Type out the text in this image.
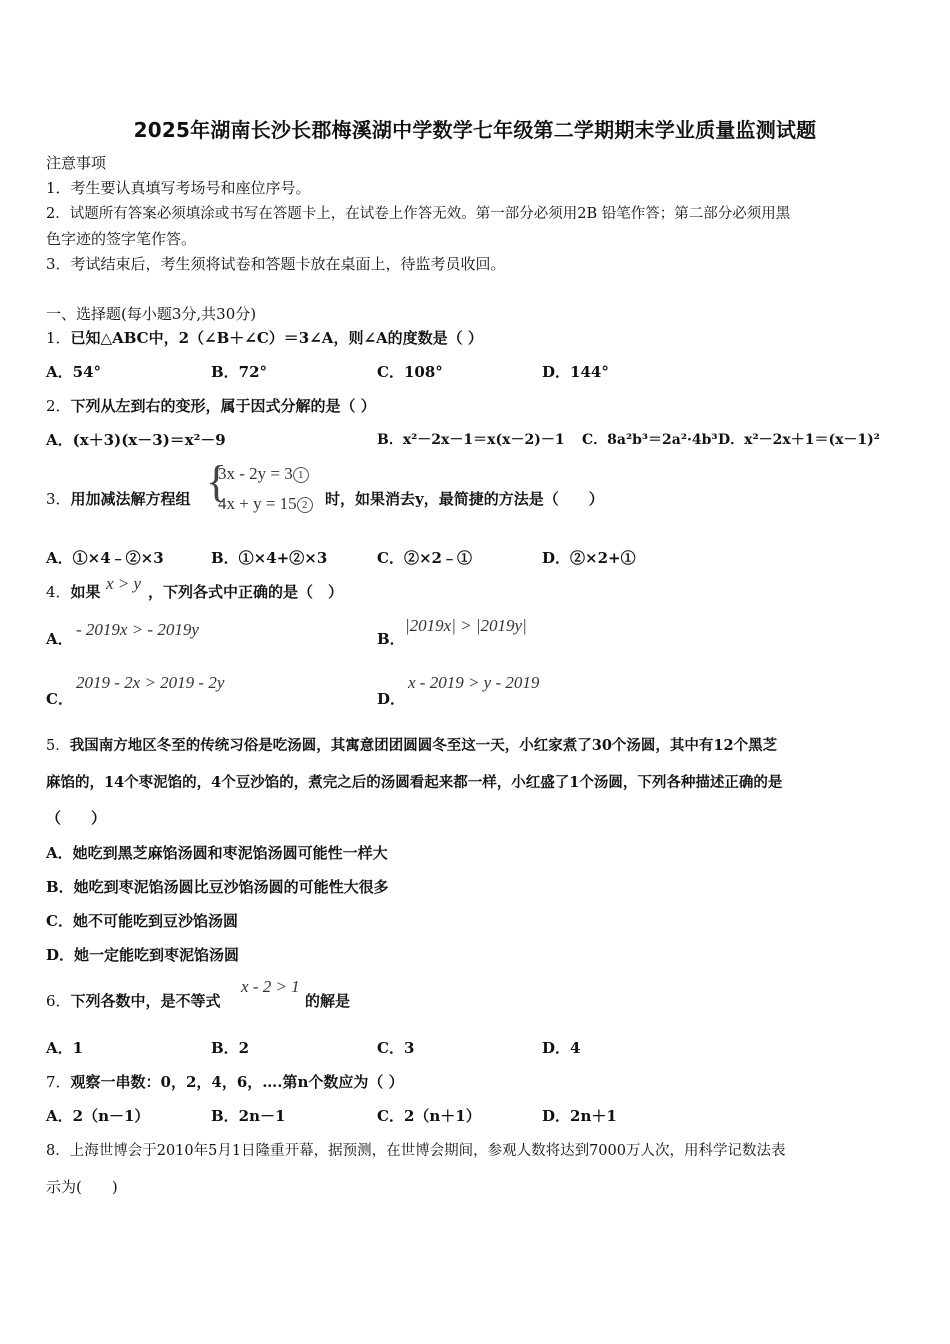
2025年湖南长沙长郡梅溪湖中学数学七年级第二学期期末学业质量监测试题
注意事项
1．考生要认真填写考场号和座位序号。
2．试题所有答案必须填涂或书写在答题卡上，在试卷上作答无效。第一部分必须用2B 铅笔作答；第二部分必须用黑
色字迹的签字笔作答。
3．考试结束后，考生须将试卷和答题卡放在桌面上，待监考员收回。
一、选择题(每小题3分,共30分)
1．已知△ABC中，2（∠B＋∠C）＝3∠A，则∠A的度数是（ ）
A．54°	B．72°	C．108°	D．144°
2．下列从左到右的变形，属于因式分解的是（ ）
A．(x＋3)(x－3)＝x²－9	B．x²－2x－1＝x(x－2)－1 C．8a²b³＝2a²·4b³ D．x²－2x＋1＝(x－1)²
3．用加减法解方程组 {
3x - 2y = 3 1
4x + y = 15 2	时，如果消去y，最简捷的方法是（　　）
A．①×4﹣②×3	B．①×4+②×3	C．②×2﹣①	D．②×2+①
4．如果 x > y ，下列各式中正确的是（　）
A． - 2019x > - 2019y	B．
|2019x| > |2019y|
C．
2019 - 2x > 2019 - 2y
D．
x - 2019 > y - 2019
5．我国南方地区冬至的传统习俗是吃汤圆，其寓意团团圆圆冬至这一天，小红家煮了30个汤圆，其中有12个黑芝
麻馅的，14个枣泥馅的，4个豆沙馅的，煮完之后的汤圆看起来都一样，小红盛了1个汤圆，下列各种描述正确的是
（　　）
A．她吃到黑芝麻馅汤圆和枣泥馅汤圆可能性一样大
B．她吃到枣泥馅汤圆比豆沙馅汤圆的可能性大很多
C．她不可能吃到豆沙馅汤圆
D．她一定能吃到枣泥馅汤圆
6．下列各数中，是不等式
x - 2 > 1
的解是
A．1	B．2	C．3	D．4
7．观察一串数：0，2，4，6，….第n个数应为（ ）
A．2（n－1）	B．2n－1	C．2（n＋1）	D．2n＋1
8．上海世博会于2010年5月1日隆重开幕，据预测，在世博会期间，参观人数将达到7000万人次，用科学记数法表
示为(　　)
